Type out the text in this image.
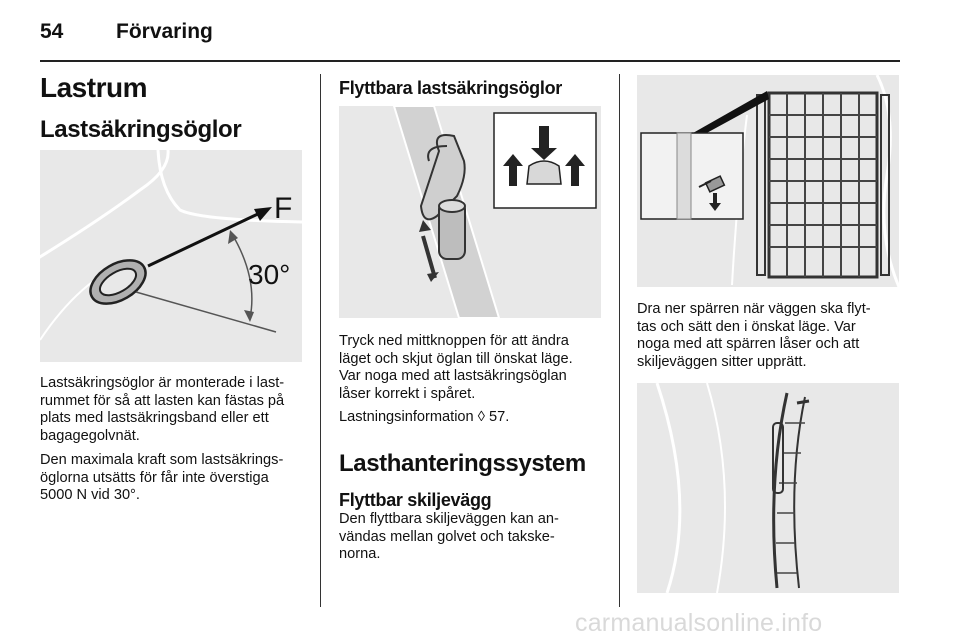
54	Förvaring
Lastrum
Lastsäkringsöglor
F
30°
Lastsäkringsöglor är monterade i last-
rummet för så att lasten kan fästas på
plats med lastsäkringsband eller ett
bagagegolvnät.
Den maximala kraft som lastsäkrings-
öglorna utsätts för får inte överstiga
5000 N vid 30°.
Flyttbara lastsäkringsöglor
Tryck ned mittknoppen för att ändra
läget och skjut öglan till önskat läge.
Var noga med att lastsäkringsöglan
låser korrekt i spåret.
Lastningsinformation ◊ 57.
Lasthanteringssystem
Flyttbar skiljevägg
Den flyttbara skiljeväggen kan an-
vändas mellan golvet och takske-
norna.
Dra ner spärren när väggen ska flyt-
tas och sätt den i önskat läge. Var
noga med att spärren låser och att
skiljeväggen sitter upprätt.
carmanualsonline.info
